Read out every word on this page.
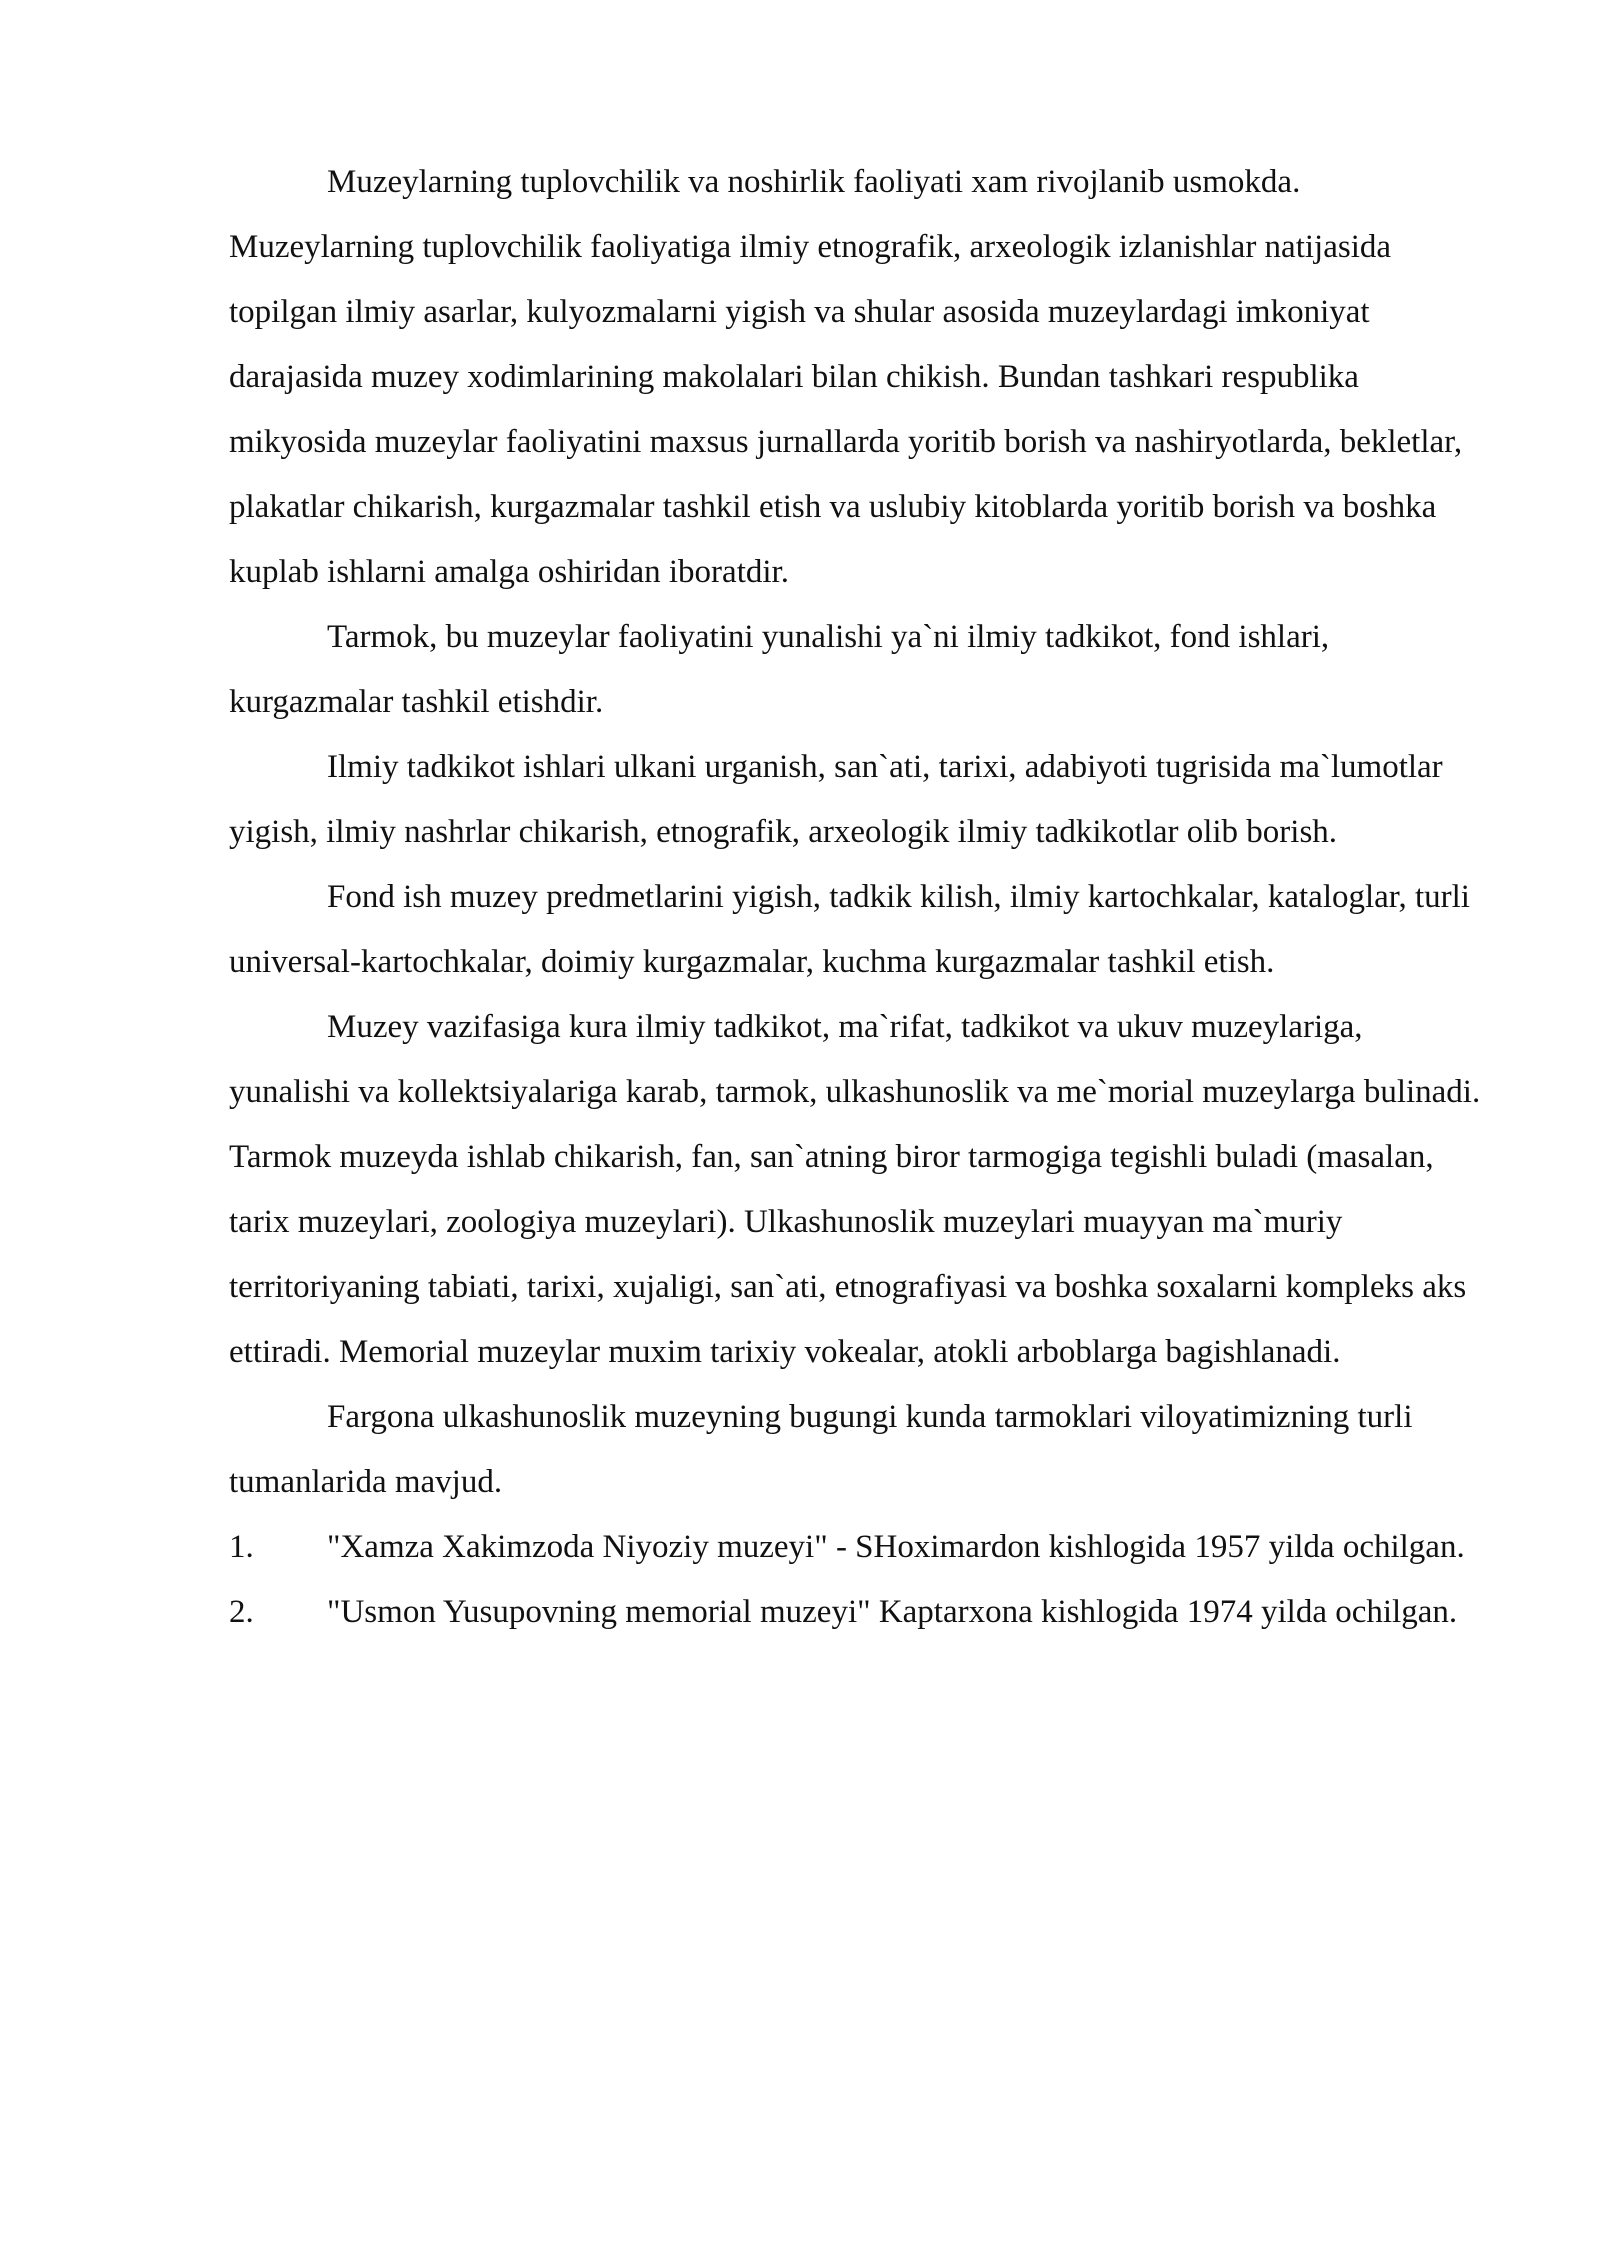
Muzeylarning tuplovchilik va noshirlik faoliyati xam rivojlanib usmokda. Muzeylarning tuplovchilik faoliyatiga ilmiy etnografik, arxeologik izlanishlar natijasida topilgan ilmiy asarlar, kulyozmalarni yigish va shular asosida muzeylardagi imkoniyat darajasida muzey xodimlarining makolalari bilan chikish. Bundan tashkari respublika mikyosida muzeylar faoliyatini maxsus jurnallarda yoritib borish va nashiryotlarda, bekletlar, plakatlar chikarish, kurgazmalar tashkil etish va uslubiy kitoblarda yoritib borish va boshka kuplab ishlarni amalga oshiridan iboratdir.

Tarmok, bu muzeylar faoliyatini yunalishi ya`ni ilmiy tadkikot, fond ishlari, kurgazmalar tashkil etishdir.

Ilmiy tadkikot ishlari ulkani urganish, san`ati, tarixi, adabiyoti tugrisida ma`lumotlar yigish, ilmiy nashrlar chikarish, etnografik, arxeologik ilmiy tadkikotlar olib borish.

Fond ish muzey predmetlarini yigish, tadkik kilish, ilmiy kartochkalar, kataloglar, turli universal-kartochkalar, doimiy kurgazmalar, kuchma kurgazmalar tashkil etish.

Muzey vazifasiga kura ilmiy tadkikot, ma`rifat, tadkikot va ukuv muzeylariga, yunalishi va kollektsiyalariga karab, tarmok, ulkashunoslik va me`morial muzeylarga bulinadi. Tarmok muzeyda ishlab chikarish, fan, san`atning biror tarmogiga tegishli buladi (masalan, tarix muzeylari, zoologiya muzeylari). Ulkashunoslik muzeylari muayyan ma`muriy territoriyaning tabiati, tarixi, xujaligi, san`ati, etnografiyasi va boshka soxalarni kompleks aks ettiradi. Memorial muzeylar muxim tarixiy vokealar, atokli arboblarga bagishlanadi.

Fargona ulkashunoslik muzeyning bugungi kunda tarmoklari viloyatimizning turli tumanlarida mavjud.

1. "Xamza Xakimzoda Niyoziy muzeyi" - SHoximardon kishlogida 1957 yilda ochilgan.
2. "Usmon Yusupovning memorial muzeyi" Kaptarxona kishlogida 1974 yilda ochilgan.
